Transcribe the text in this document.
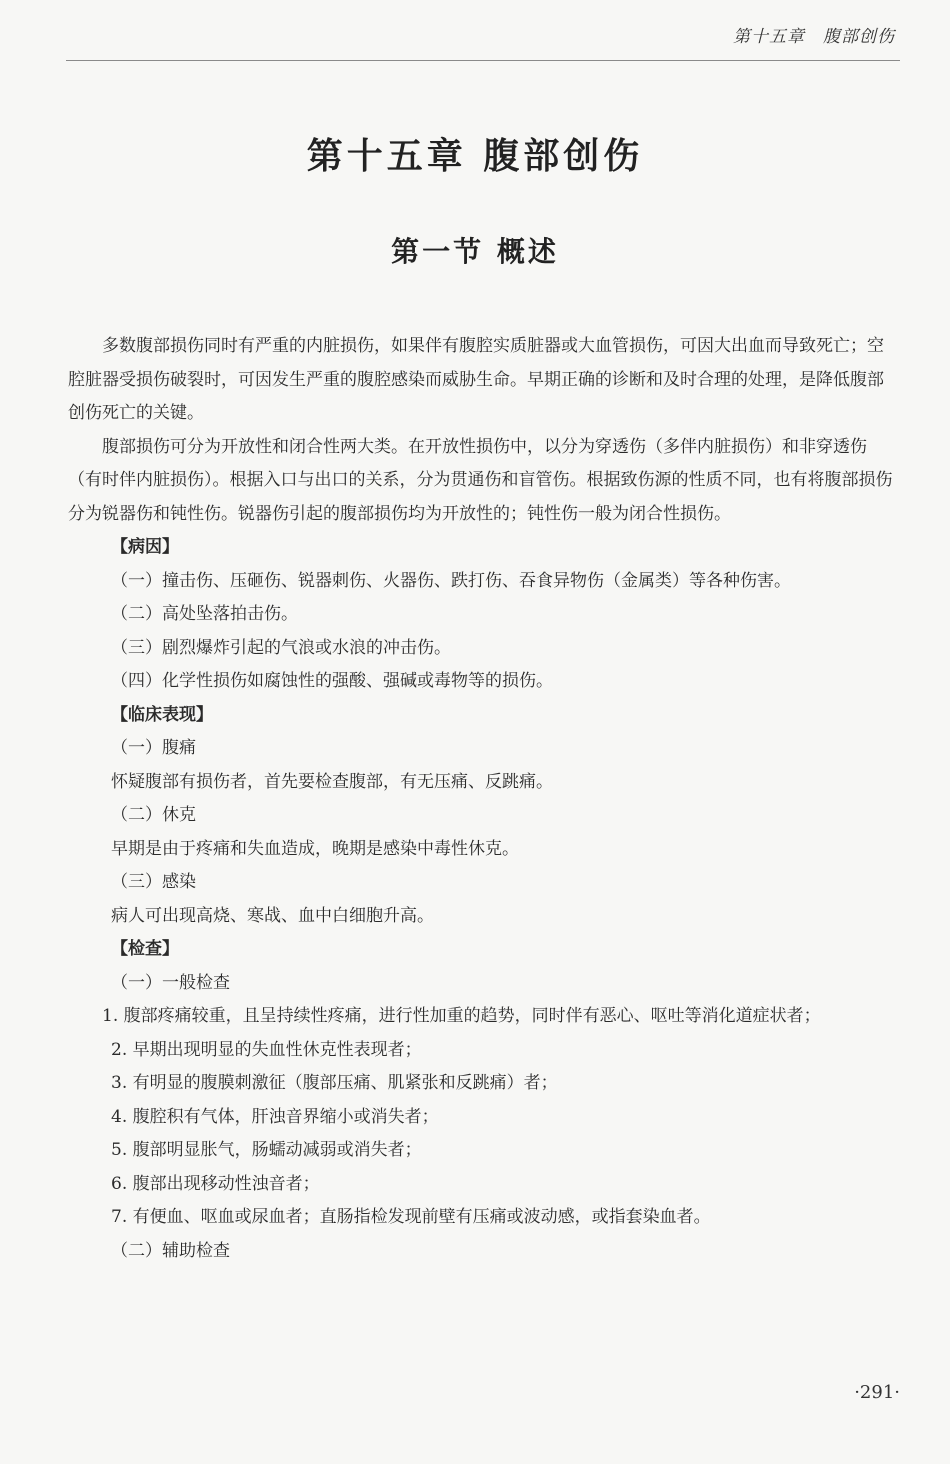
第十五章　腹部创伤
第十五章 腹部创伤
第一节 概述

多数腹部损伤同时有严重的内脏损伤，如果伴有腹腔实质脏器或大血管损伤，可因大出血而导致死亡；空腔脏器受损伤破裂时，可因发生严重的腹腔感染而威胁生命。早期正确的诊断和及时合理的处理，是降低腹部创伤死亡的关键。

腹部损伤可分为开放性和闭合性两大类。在开放性损伤中，以分为穿透伤（多伴内脏损伤）和非穿透伤（有时伴内脏损伤）。根据入口与出口的关系，分为贯通伤和盲管伤。根据致伤源的性质不同，也有将腹部损伤分为锐器伤和钝性伤。锐器伤引起的腹部损伤均为开放性的；钝性伤一般为闭合性损伤。

【病因】

（一）撞击伤、压砸伤、锐器刺伤、火器伤、跌打伤、吞食异物伤（金属类）等各种伤害。

（二）高处坠落拍击伤。

（三）剧烈爆炸引起的气浪或水浪的冲击伤。

（四）化学性损伤如腐蚀性的强酸、强碱或毒物等的损伤。

【临床表现】

（一）腹痛

怀疑腹部有损伤者，首先要检查腹部，有无压痛、反跳痛。

（二）休克

早期是由于疼痛和失血造成，晚期是感染中毒性休克。

（三）感染

病人可出现高烧、寒战、血中白细胞升高。

【检查】

（一）一般检查

1. 腹部疼痛较重，且呈持续性疼痛，进行性加重的趋势，同时伴有恶心、呕吐等消化道症状者；

2. 早期出现明显的失血性休克性表现者；

3. 有明显的腹膜刺激征（腹部压痛、肌紧张和反跳痛）者；

4. 腹腔积有气体，肝浊音界缩小或消失者；

5. 腹部明显胀气，肠蠕动减弱或消失者；

6. 腹部出现移动性浊音者；

7. 有便血、呕血或尿血者；直肠指检发现前壁有压痛或波动感，或指套染血者。

（二）辅助检查

·291·
